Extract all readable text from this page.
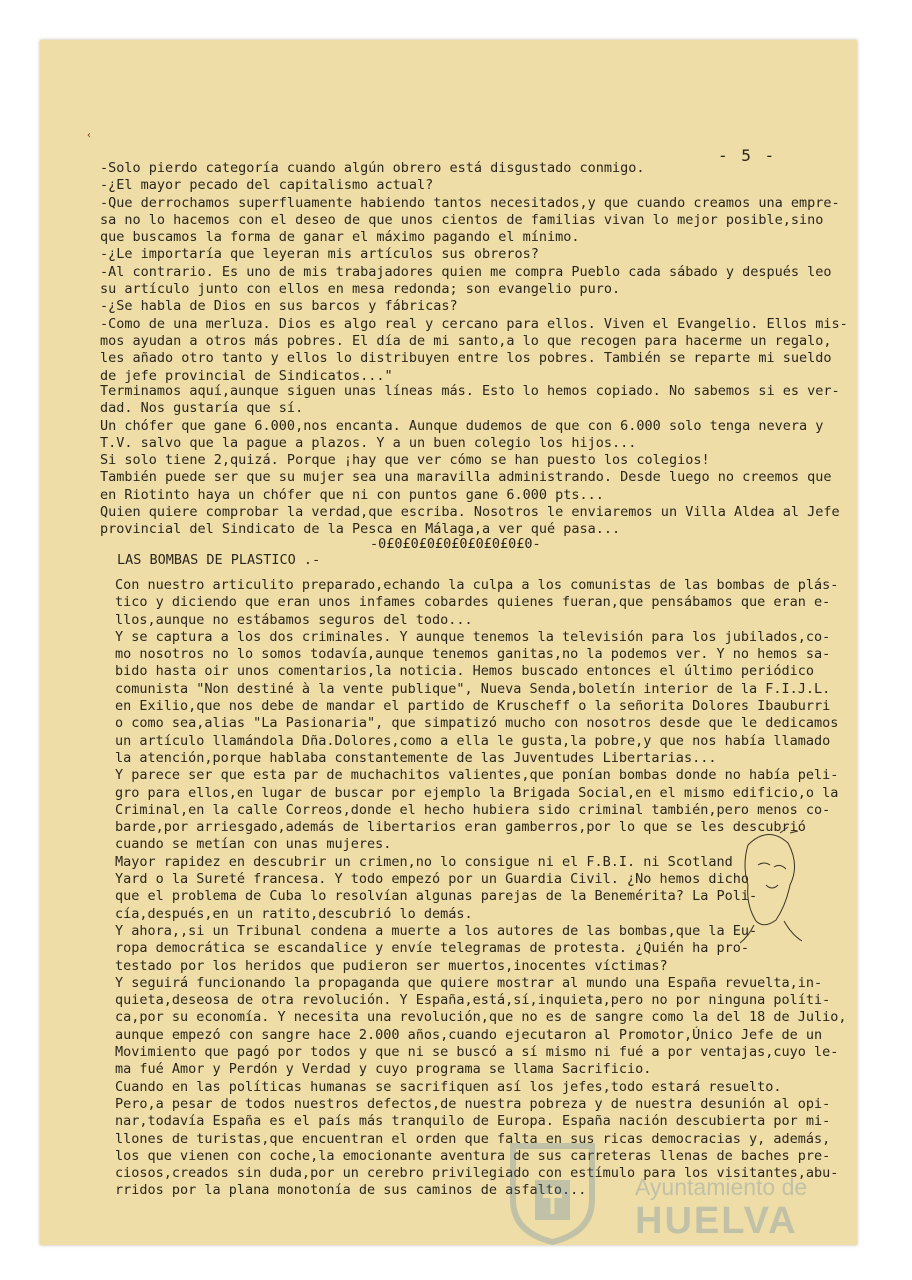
‹
- 5 -
-Solo pierdo categoría cuando algún obrero está disgustado conmigo.
-¿El mayor pecado del capitalismo actual?
-Que derrochamos superfluamente habiendo tantos necesitados,y que cuando creamos una empre-
sa no lo hacemos con el deseo de que unos cientos de familias vivan lo mejor posible,sino
que buscamos la forma de ganar el máximo pagando el mínimo.
-¿Le importaría que leyeran mis artículos sus obreros?
-Al contrario. Es uno de mis trabajadores quien me compra Pueblo cada sábado y después leo
su artículo junto con ellos en mesa redonda; son evangelio puro.
-¿Se habla de Dios en sus barcos y fábricas?
-Como de una merluza. Dios es algo real y cercano para ellos. Viven el Evangelio. Ellos mis-
mos ayudan a otros más pobres. El día de mi santo,a lo que recogen para hacerme un regalo,
les añado otro tanto y ellos lo distribuyen entre los pobres. También se reparte mi sueldo
de jefe provincial de Sindicatos..."
Terminamos aquí,aunque siguen unas líneas más. Esto lo hemos copiado. No sabemos si es ver-
dad. Nos gustaría que sí.
Un chófer que gane 6.000,nos encanta. Aunque dudemos de que con 6.000 solo tenga nevera y
T.V. salvo que la pague a plazos. Y a un buen colegio los hijos...
Si solo tiene 2,quizá. Porque ¡hay que ver cómo se han puesto los colegios!
También puede ser que su mujer sea una maravilla administrando. Desde luego no creemos que
en Riotinto haya un chófer que ni con puntos gane 6.000 pts...
Quien quiere comprobar la verdad,que escriba. Nosotros le enviaremos un Villa Aldea al Jefe
provincial del Sindicato de la Pesca en Málaga,a ver qué pasa...
-0£0£0£0£0£0£0£0£0£0-
LAS BOMBAS DE PLASTICO .-
Con nuestro articulito preparado,echando la culpa a los comunistas de las bombas de plás-
tico y diciendo que eran unos infames cobardes quienes fueran,que pensábamos que eran e-
llos,aunque no estábamos seguros del todo...
Y se captura a los dos criminales. Y aunque tenemos la televisión para los jubilados,co-
mo nosotros no lo somos todavía,aunque tenemos ganitas,no la podemos ver. Y no hemos sa-
bido hasta oir unos comentarios,la noticia. Hemos buscado entonces el último periódico
comunista "Non destiné à la vente publique", Nueva Senda,boletín interior de la F.I.J.L.
en Exilio,que nos debe de mandar el partido de Kruscheff o la señorita Dolores Ibauburri
o como sea,alias "La Pasionaria", que simpatizó mucho con nosotros desde que le dedicamos
un artículo llamándola Dña.Dolores,como a ella le gusta,la pobre,y que nos había llamado
la atención,porque hablaba constantemente de las Juventudes Libertarias...
Y parece ser que esta par de muchachitos valientes,que ponían bombas donde no había peli-
gro para ellos,en lugar de buscar por ejemplo la Brigada Social,en el mismo edificio,o la
Criminal,en la calle Correos,donde el hecho hubiera sido criminal también,pero menos co-
barde,por arriesgado,además de libertarios eran gamberros,por lo que se les descubrió
cuando se metían con unas mujeres.
Mayor rapidez en descubrir un crimen,no lo consigue ni el F.B.I. ni Scotland
Yard o la Sureté francesa. Y todo empezó por un Guardia Civil. ¿No hemos dicho
que el problema de Cuba lo resolvían algunas parejas de la Benemérita? La Poli-
cía,después,en un ratito,descubrió lo demás.
Y ahora,,si un Tribunal condena a muerte a los autores de las bombas,que la Eu-
ropa democrática se escandalice y envíe telegramas de protesta. ¿Quién ha pro-
testado por los heridos que pudieron ser muertos,inocentes víctimas?
Y seguirá funcionando la propaganda que quiere mostrar al mundo una España revuelta,in-
quieta,deseosa de otra revolución. Y España,está,sí,inquieta,pero no por ninguna políti-
ca,por su economía. Y necesita una revolución,que no es de sangre como la del 18 de Julio,
aunque empezó con sangre hace 2.000 años,cuando ejecutaron al Promotor,Único Jefe de un
Movimiento que pagó por todos y que ni se buscó a sí mismo ni fué a por ventajas,cuyo le-
ma fué Amor y Perdón y Verdad y cuyo programa se llama Sacrificio.
Cuando en las políticas humanas se sacrifiquen así los jefes,todo estará resuelto.
Pero,a pesar de todos nuestros defectos,de nuestra pobreza y de nuestra desunión al opi-
nar,todavía España es el país más tranquilo de Europa. España nación descubierta por mi-
llones de turistas,que encuentran el orden que falta en sus ricas democracias y, además,
los que vienen con coche,la emocionante aventura de sus carreteras llenas de baches pre-
ciosos,creados sin duda,por un cerebro privilegiado con estímulo para los visitantes,abu-
rridos por la plana monotonía de sus caminos de asfalto...	Ayuntamiento de
HUELVA
